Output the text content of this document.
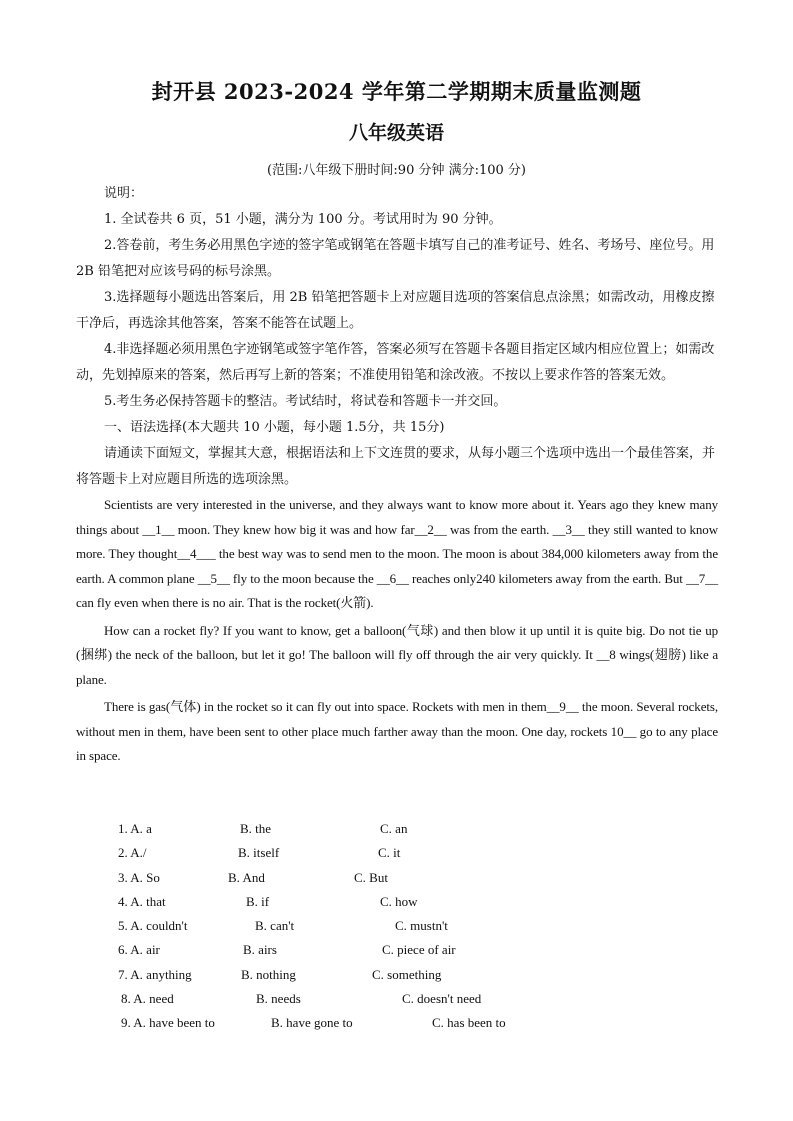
封开县 2023-2024 学年第二学期期末质量监测题
八年级英语
(范围:八年级下册时间:90 分钟 满分:100 分)

说明：

1. 全试卷共 6 页，51 小题，满分为 100 分。考试用时为 90 分钟。

2.答卷前，考生务必用黑色字迹的签字笔或钢笔在答题卡填写自己的准考证号、姓名、考场号、座位号。用 2B 铅笔把对应该号码的标号涂黑。

3.选择题每小题选出答案后，用 2B 铅笔把答题卡上对应题目选项的答案信息点涂黑；如需改动，用橡皮擦干净后，再选涂其他答案，答案不能答在试题上。

4.非选择题必须用黑色字迹钢笔或签字笔作答，答案必须写在答题卡各题目指定区域内相应位置上；如需改动，先划掉原来的答案，然后再写上新的答案；不准使用铅笔和涂改液。不按以上要求作答的答案无效。

5.考生务必保持答题卡的整洁。考试结时，将试卷和答题卡一并交回。

一、语法选择(本大题共 10 小题，每小题 1.5分，共 15分)

请通读下面短文，掌握其大意，根据语法和上下文连贯的要求，从每小题三个选项中选出一个最佳答案，并将答题卡上对应题目所选的选项涂黑。

Scientists are very interested in the universe, and they always want to know more about it. Years ago they knew many things about __1__ moon. They knew how big it was and how far__2__ was from the earth. __3__ they still wanted to know more. They thought__4___ the best way was to send men to the moon. The moon is about 384,000 kilometers away from the earth. A common plane __5__ fly to the moon because the __6__ reaches only240 kilometers away from the earth. But __7__ can fly even when there is no air. That is the rocket(火箭).

How can a rocket fly? If you want to know, get a balloon(气球) and then blow it up until it is quite big. Do not tie up (捆绑) the neck of the balloon, but let it go! The balloon will fly off through the air very quickly. It __8 wings(翅膀) like a plane.

There is gas(气体) in the rocket so it can fly out into space. Rockets with men in them__9__ the moon. Several rockets, without men in them, have been sent to other place much farther away than the moon. One day, rockets 10__ go to any place in space.

1. A. a	B. the	C. an
2. A./	B. itself	C. it
3. A. So	B. And	C. But
4. A. that	B. if	C. how
5. A. couldn't	B. can't	C. mustn't
6. A. air	B. airs	C. piece of air
7. A. anything	B. nothing	C. something
8. A. need	B. needs	C. doesn't need
9. A. have been to	B. have gone to	C. has been to
